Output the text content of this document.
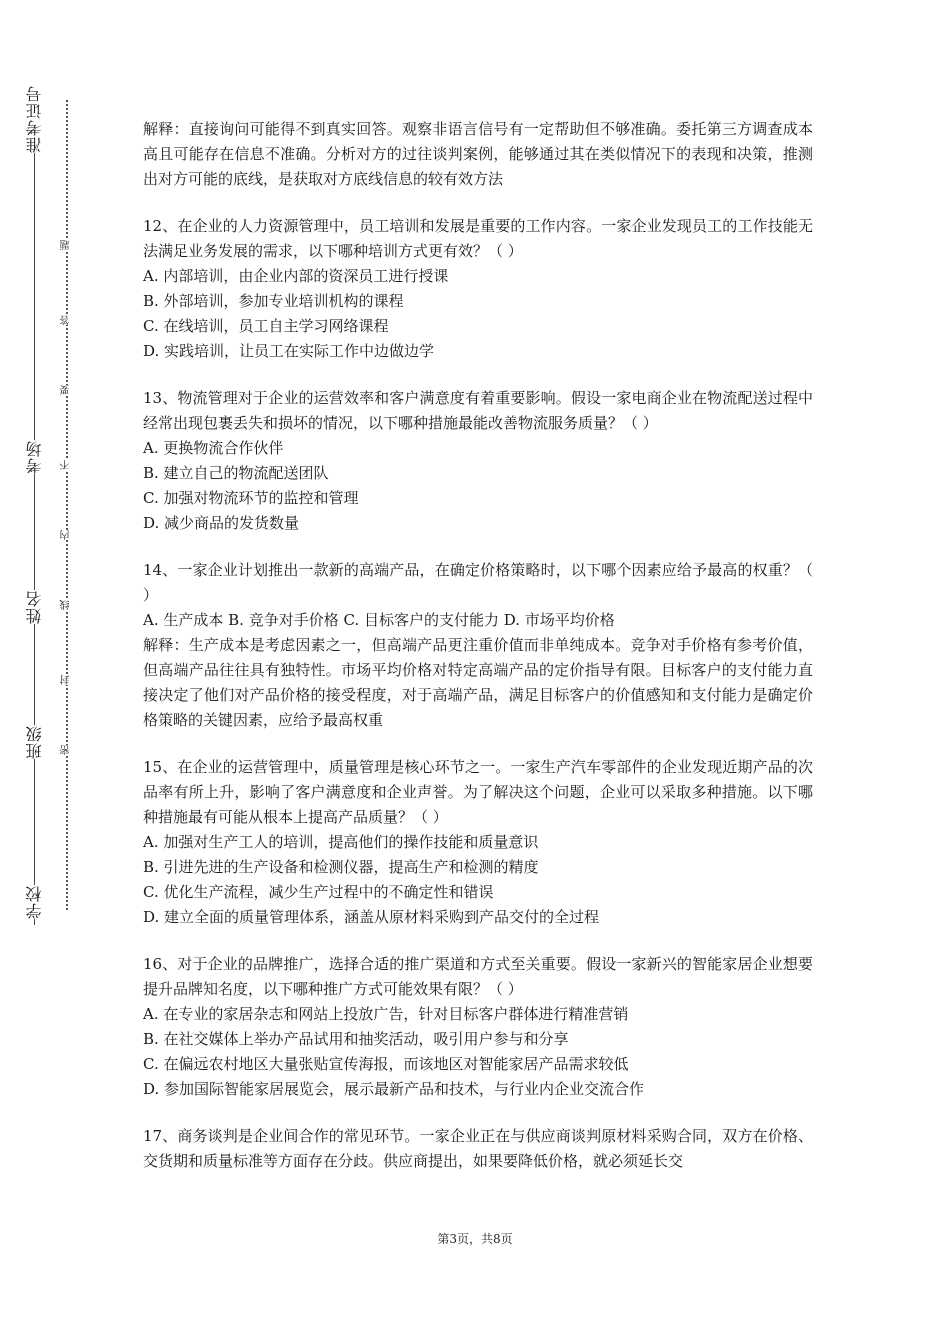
准考证号
考场
姓名
班级
学校
题
答
要
不
内
线
封
密

解释：直接询问可能得不到真实回答。观察非语言信号有一定帮助但不够准确。委托第三方调查成本高且可能存在信息不准确。分析对方的过往谈判案例，能够通过其在类似情况下的表现和决策，推测出对方可能的底线，是获取对方底线信息的较有效方法

12、在企业的人力资源管理中，员工培训和发展是重要的工作内容。一家企业发现员工的工作技能无法满足业务发展的需求，以下哪种培训方式更有效？（ ）

A. 内部培训，由企业内部的资深员工进行授课

B. 外部培训，参加专业培训机构的课程

C. 在线培训，员工自主学习网络课程

D. 实践培训，让员工在实际工作中边做边学

13、物流管理对于企业的运营效率和客户满意度有着重要影响。假设一家电商企业在物流配送过程中经常出现包裹丢失和损坏的情况，以下哪种措施最能改善物流服务质量？（ ）

A. 更换物流合作伙伴

B. 建立自己的物流配送团队

C. 加强对物流环节的监控和管理

D. 减少商品的发货数量

14、一家企业计划推出一款新的高端产品，在确定价格策略时，以下哪个因素应给予最高的权重？（ ）

A. 生产成本 B. 竞争对手价格 C. 目标客户的支付能力 D. 市场平均价格

解释：生产成本是考虑因素之一，但高端产品更注重价值而非单纯成本。竞争对手价格有参考价值，但高端产品往往具有独特性。市场平均价格对特定高端产品的定价指导有限。目标客户的支付能力直接决定了他们对产品价格的接受程度，对于高端产品，满足目标客户的价值感知和支付能力是确定价格策略的关键因素，应给予最高权重

15、在企业的运营管理中，质量管理是核心环节之一。一家生产汽车零部件的企业发现近期产品的次品率有所上升，影响了客户满意度和企业声誉。为了解决这个问题，企业可以采取多种措施。以下哪种措施最有可能从根本上提高产品质量？（ ）

A. 加强对生产工人的培训，提高他们的操作技能和质量意识

B. 引进先进的生产设备和检测仪器，提高生产和检测的精度

C. 优化生产流程，减少生产过程中的不确定性和错误

D. 建立全面的质量管理体系，涵盖从原材料采购到产品交付的全过程

16、对于企业的品牌推广，选择合适的推广渠道和方式至关重要。假设一家新兴的智能家居企业想要提升品牌知名度，以下哪种推广方式可能效果有限？（ ）

A. 在专业的家居杂志和网站上投放广告，针对目标客户群体进行精准营销

B. 在社交媒体上举办产品试用和抽奖活动，吸引用户参与和分享

C. 在偏远农村地区大量张贴宣传海报，而该地区对智能家居产品需求较低

D. 参加国际智能家居展览会，展示最新产品和技术，与行业内企业交流合作

17、商务谈判是企业间合作的常见环节。一家企业正在与供应商谈判原材料采购合同，双方在价格、交货期和质量标准等方面存在分歧。供应商提出，如果要降低价格，就必须延长交

第3页，共8页
